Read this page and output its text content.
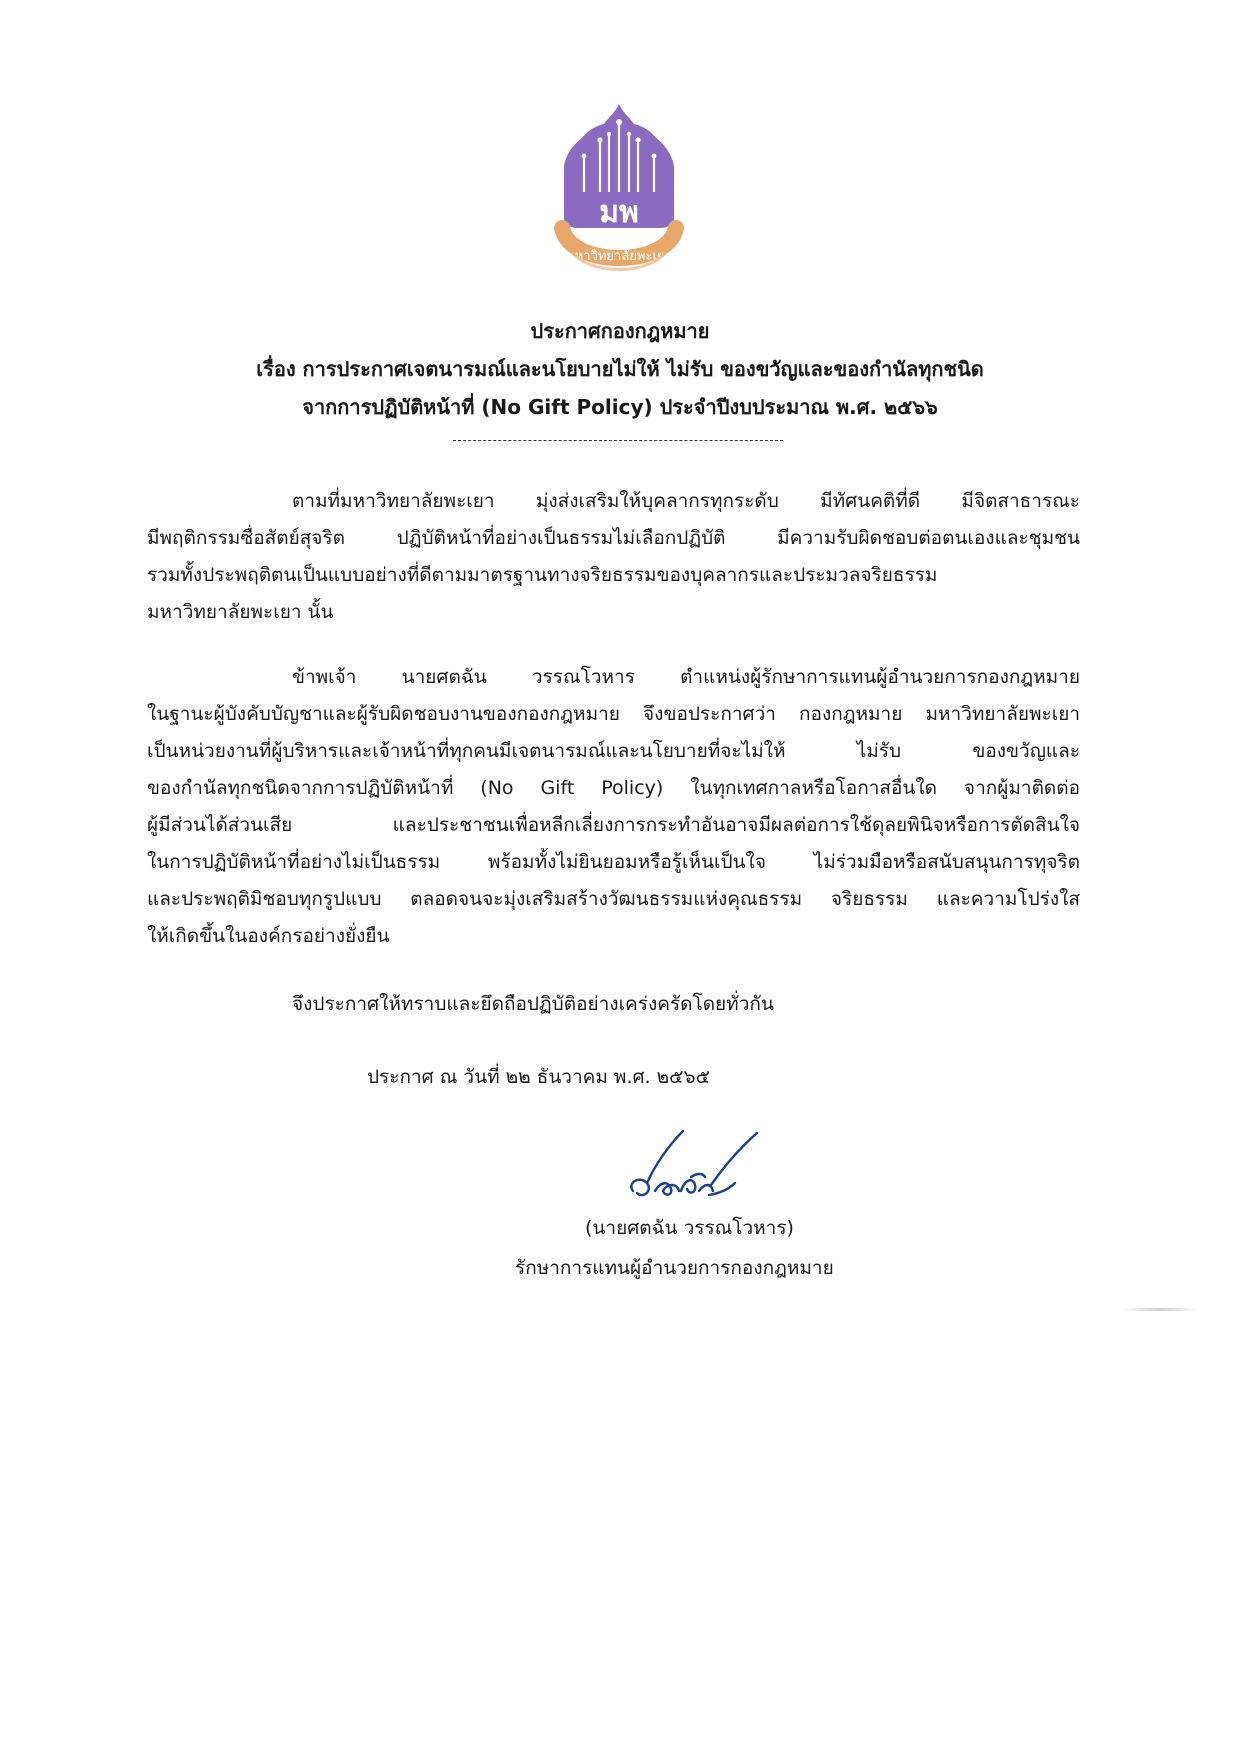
มพ
มหาวิทยาลัยพะเยา
ประกาศกองกฎหมาย
เรื่อง การประกาศเจตนารมณ์และนโยบายไม่ให้ ไม่รับ ของขวัญและของกำนัลทุกชนิด
จากการปฏิบัติหน้าที่ (No Gift Policy) ประจำปีงบประมาณ พ.ศ. ๒๕๖๖

ตามที่มหาวิทยาลัยพะเยา มุ่งส่งเสริมให้บุคลากรทุกระดับ มีทัศนคติที่ดี มีจิตสาธารณะ
มีพฤติกรรมซื่อสัตย์สุจริต ปฏิบัติหน้าที่อย่างเป็นธรรมไม่เลือกปฏิบัติ มีความรับผิดชอบต่อตนเองและชุมชน
รวมทั้งประพฤติตนเป็นแบบอย่างที่ดีตามมาตรฐานทางจริยธรรมของบุคลากรและประมวลจริยธรรม
มหาวิทยาลัยพะเยา นั้น

ข้าพเจ้า นายศตฉัน วรรณโวหาร ตำแหน่งผู้รักษาการแทนผู้อำนวยการกองกฎหมาย
ในฐานะผู้บังคับบัญชาและผู้รับผิดชอบงานของกองกฎหมาย จึงขอประกาศว่า กองกฎหมาย มหาวิทยาลัยพะเยา
เป็นหน่วยงานที่ผู้บริหารและเจ้าหน้าที่ทุกคนมีเจตนารมณ์และนโยบายที่จะไม่ให้ ไม่รับ ของขวัญและ
ของกำนัลทุกชนิดจากการปฏิบัติหน้าที่ (No Gift Policy) ในทุกเทศกาลหรือโอกาสอื่นใด จากผู้มาติดต่อ
ผู้มีส่วนได้ส่วนเสีย และประชาชนเพื่อหลีกเลี่ยงการกระทำอันอาจมีผลต่อการใช้ดุลยพินิจหรือการตัดสินใจ
ในการปฏิบัติหน้าที่อย่างไม่เป็นธรรม พร้อมทั้งไม่ยินยอมหรือรู้เห็นเป็นใจ ไม่ร่วมมือหรือสนับสนุนการทุจริต
และประพฤติมิชอบทุกรูปแบบ ตลอดจนจะมุ่งเสริมสร้างวัฒนธรรมแห่งคุณธรรม จริยธรรม และความโปร่งใส
ให้เกิดขึ้นในองค์กรอย่างยั่งยืน

จึงประกาศให้ทราบและยึดถือปฏิบัติอย่างเคร่งครัดโดยทั่วกัน
ประกาศ ณ วันที่ ๒๒ ธันวาคม พ.ศ. ๒๕๖๕
(นายศตฉัน วรรณโวหาร)
รักษาการแทนผู้อำนวยการกองกฎหมาย
